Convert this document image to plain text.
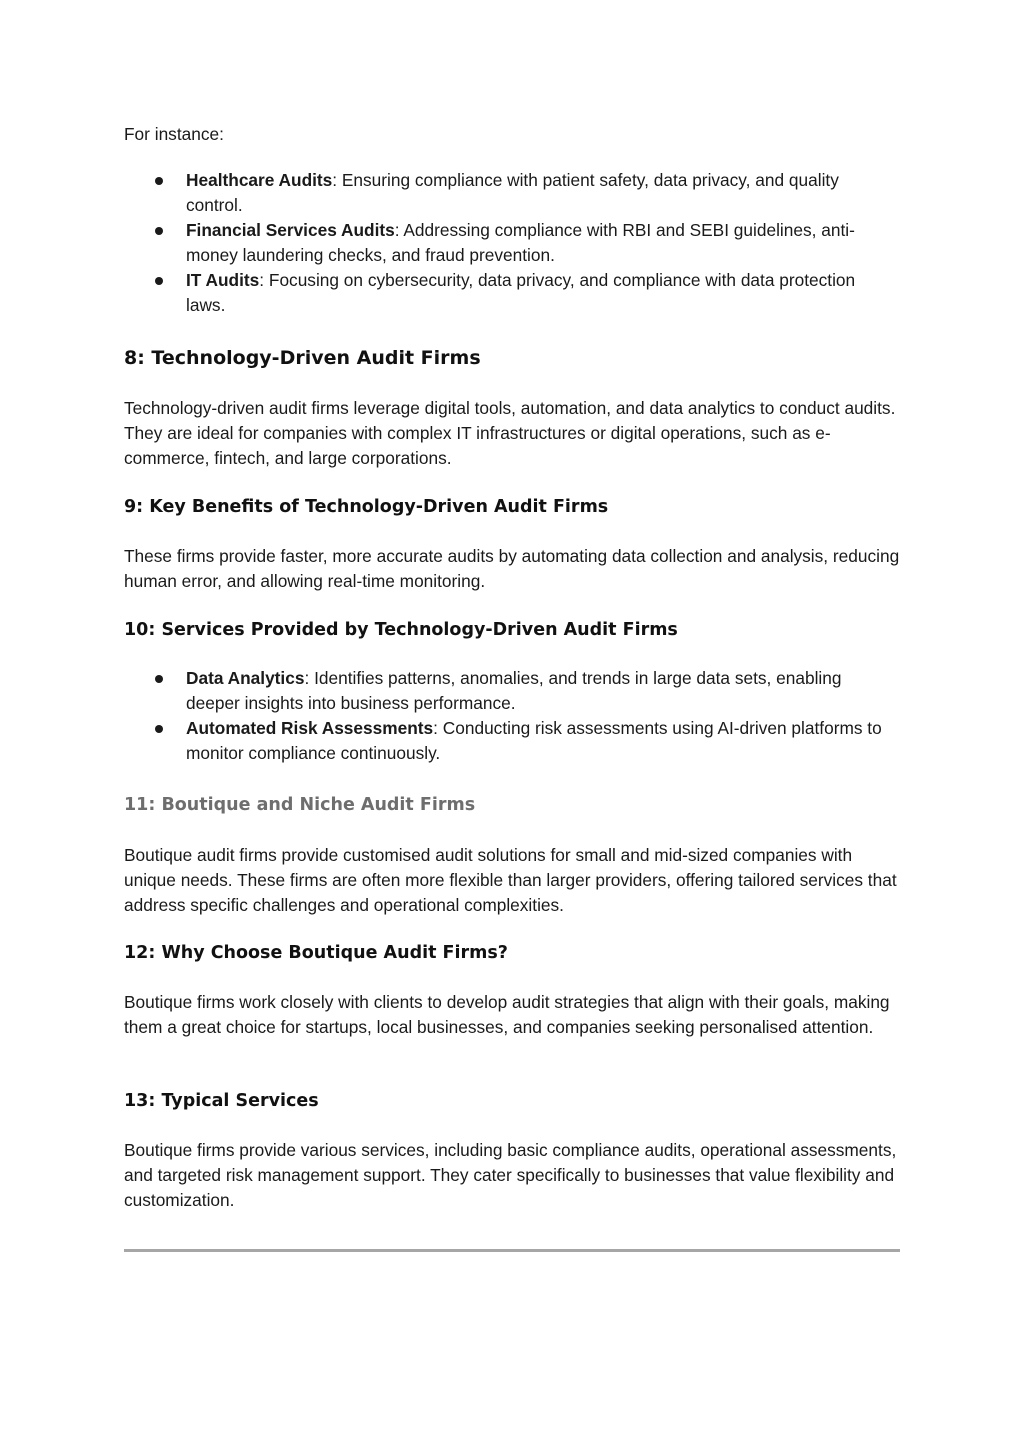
For instance:

Healthcare Audits: Ensuring compliance with patient safety, data privacy, and quality control.
Financial Services Audits: Addressing compliance with RBI and SEBI guidelines, anti-money laundering checks, and fraud prevention.
IT Audits: Focusing on cybersecurity, data privacy, and compliance with data protection laws.
8: Technology-Driven Audit Firms

Technology-driven audit firms leverage digital tools, automation, and data analytics to conduct audits. They are ideal for companies with complex IT infrastructures or digital operations, such as e-commerce, fintech, and large corporations.

9: Key Benefits of Technology-Driven Audit Firms

These firms provide faster, more accurate audits by automating data collection and analysis, reducing human error, and allowing real-time monitoring.

10: Services Provided by Technology-Driven Audit Firms
Data Analytics: Identifies patterns, anomalies, and trends in large data sets, enabling deeper insights into business performance.
Automated Risk Assessments: Conducting risk assessments using AI-driven platforms to monitor compliance continuously.
11: Boutique and Niche Audit Firms

Boutique audit firms provide customised audit solutions for small and mid-sized companies with unique needs. These firms are often more flexible than larger providers, offering tailored services that address specific challenges and operational complexities.

12: Why Choose Boutique Audit Firms?

Boutique firms work closely with clients to develop audit strategies that align with their goals, making them a great choice for startups, local businesses, and companies seeking personalised attention.

13: Typical Services

Boutique firms provide various services, including basic compliance audits, operational assessments, and targeted risk management support. They cater specifically to businesses that value flexibility and customization.
